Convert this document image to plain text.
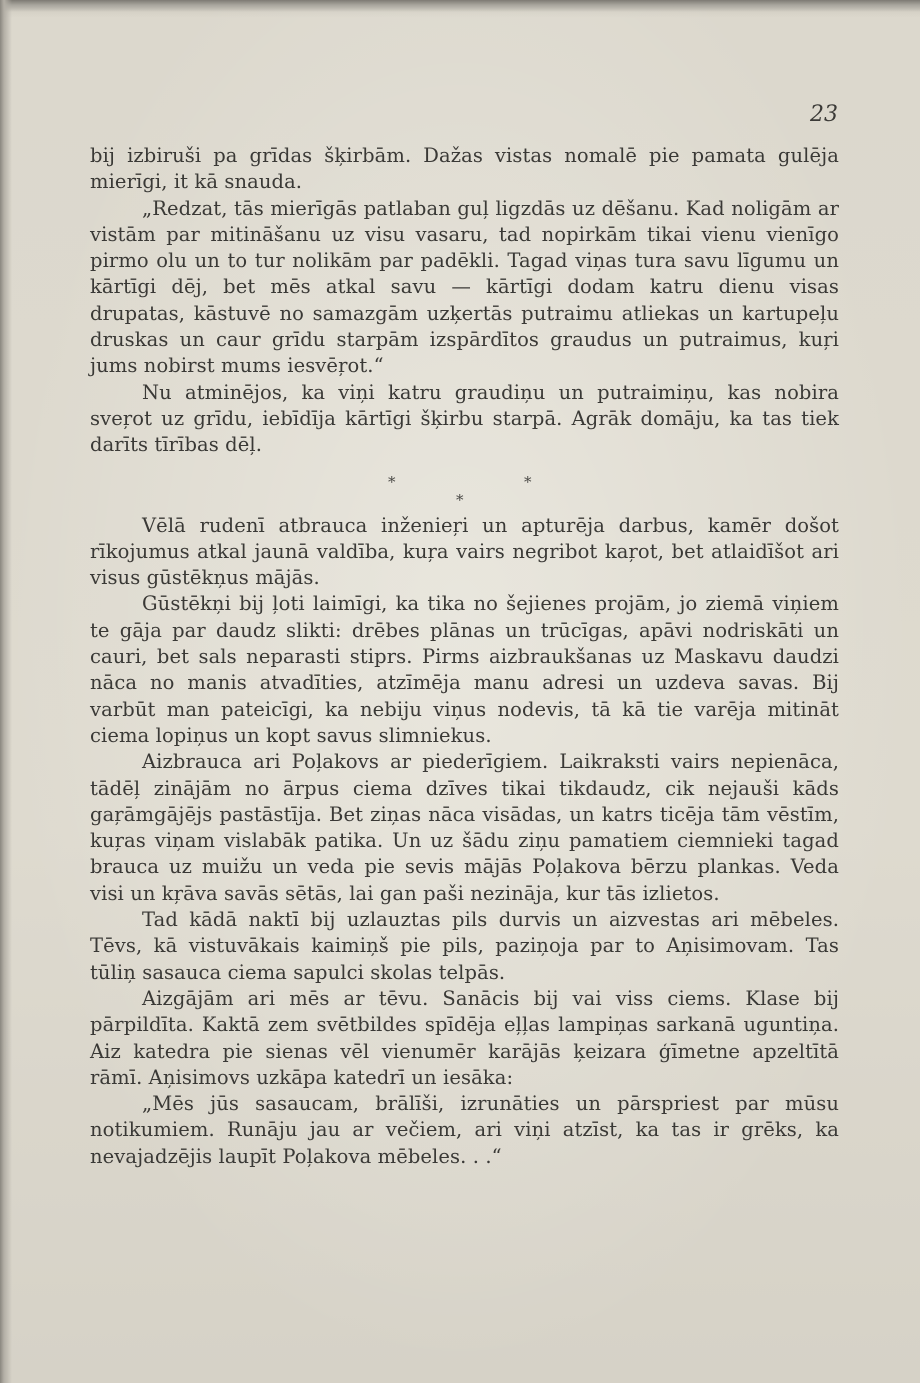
23

bij izbiruši pa grīdas šķirbām. Dažas vistas nomalē pie pamata gulēja mierīgi, it kā snauda.

„Redzat, tās mierīgās patlaban guļ ligzdās uz dēšanu. Kad noligām ar vistām par mitināšanu uz visu vasaru, tad nopirkām tikai vienu vienīgo pirmo olu un to tur nolikām par padēkli. Tagad viņas tura savu līgumu un kārtīgi dēj, bet mēs atkal savu — kārtīgi dodam katru dienu visas drupatas, kāstuvē no samazgām uzķertās putraimu atliekas un kartupeļu druskas un caur grīdu starpām izspārdītos graudus un putraimus, kuŗi jums nobirst mums iesvēŗot.“

Nu atminējos, ka viņi katru graudiņu un putraimiņu, kas nobira sveŗot uz grīdu, iebīdīja kārtīgi šķirbu starpā. Agrāk domāju, ka tas tiek darīts tīrības dēļ.

*	*
*

Vēlā rudenī atbrauca inženieŗi un apturēja darbus, kamēr došot rīkojumus atkal jaunā valdība, kuŗa vairs negribot kaŗot, bet atlaidīšot ari visus gūstēkņus mājās.

Gūstēkņi bij ļoti laimīgi, ka tika no šejienes projām, jo ziemā viņiem te gāja par daudz slikti: drēbes plānas un trūcīgas, apāvi nodriskāti un cauri, bet sals neparasti stiprs. Pirms aizbraukšanas uz Maskavu daudzi nāca no manis atvadīties, atzīmēja manu adresi un uzdeva savas. Bij varbūt man pateicīgi, ka nebiju viņus nodevis, tā kā tie varēja mitināt ciema lopiņus un kopt savus slimniekus.

Aizbrauca ari Poļakovs ar piederīgiem. Laikraksti vairs nepienāca, tādēļ zinājām no ārpus ciema dzīves tikai tikdaudz, cik nejauši kāds gaŗāmgājējs pastāstīja. Bet ziņas nāca visādas, un katrs ticēja tām vēstīm, kuŗas viņam vislabāk patika. Un uz šādu ziņu pamatiem ciemnieki tagad brauca uz muižu un veda pie sevis mājās Poļakova bērzu plankas. Veda visi un kŗāva savās sētās, lai gan paši nezināja, kur tās izlietos.

Tad kādā naktī bij uzlauztas pils durvis un aizvestas ari mēbeles. Tēvs, kā vistuvākais kaimiņš pie pils, paziņoja par to Aņisimovam. Tas tūliņ sasauca ciema sapulci skolas telpās.

Aizgājām ari mēs ar tēvu. Sanācis bij vai viss ciems. Klase bij pārpildīta. Kaktā zem svētbildes spīdēja eļļas lampiņas sarkanā uguntiņa. Aiz katedra pie sienas vēl vienumēr karājās ķeizara ģīmetne apzeltītā rāmī. Aņisimovs uzkāpa katedrī un iesāka:

„Mēs jūs sasaucam, brālīši, izrunāties un pārspriest par mūsu notikumiem. Runāju jau ar večiem, ari viņi atzīst, ka tas ir grēks, ka nevajadzējis laupīt Poļakova mēbeles. . .“
